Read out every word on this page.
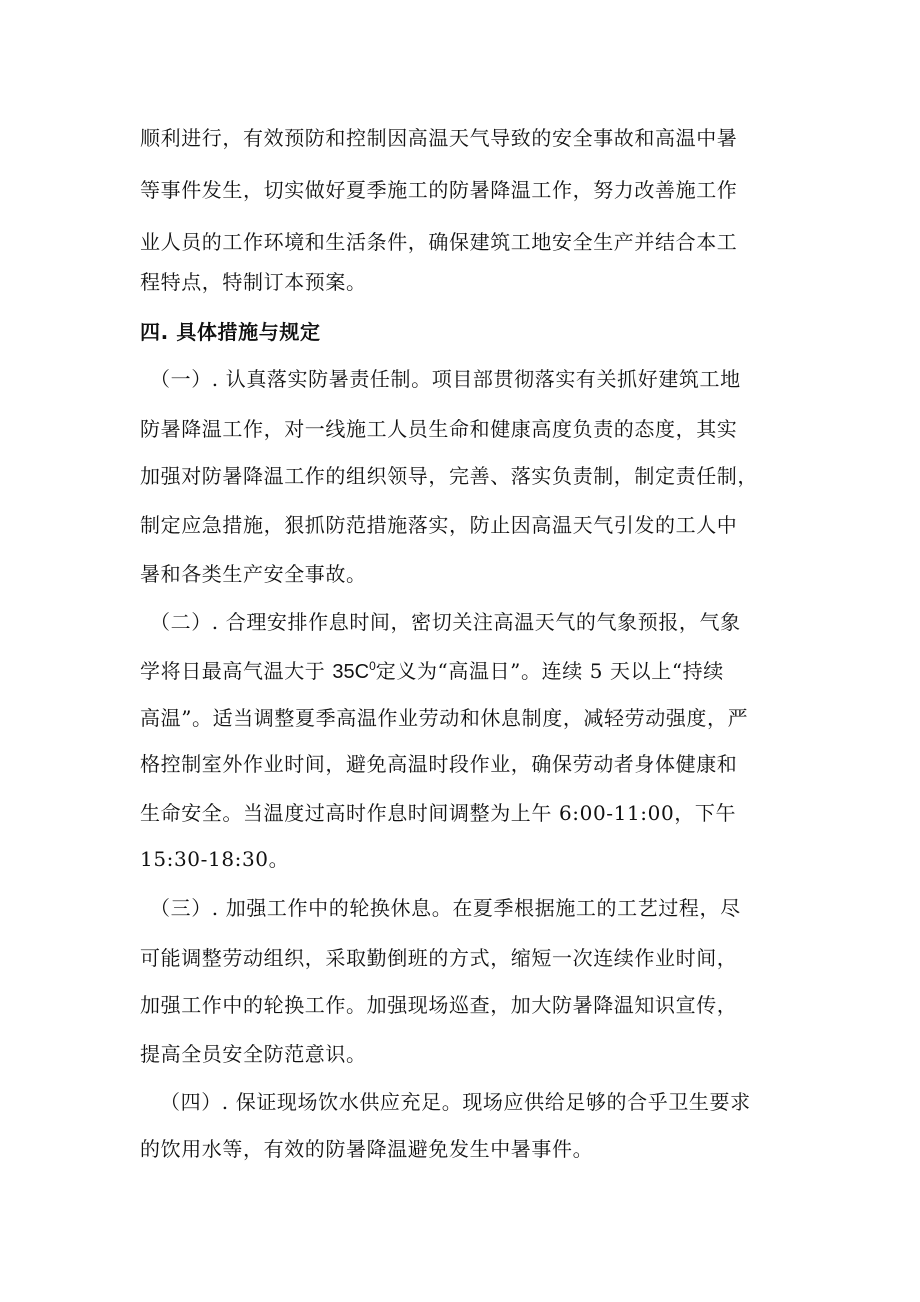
顺利进行，有效预防和控制因高温天气导致的安全事故和高温中暑
等事件发生，切实做好夏季施工的防暑降温工作，努力改善施工作
业人员的工作环境和生活条件，确保建筑工地安全生产并结合本工
程特点，特制订本预案。
四. 具体措施与规定
（一）. 认真落实防暑责任制。项目部贯彻落实有关抓好建筑工地
防暑降温工作，对一线施工人员生命和健康高度负责的态度，其实
加强对防暑降温工作的组织领导，完善、落实负责制，制定责任制，
制定应急措施，狠抓防范措施落实，防止因高温天气引发的工人中
暑和各类生产安全事故。
（二）. 合理安排作息时间，密切关注高温天气的气象预报，气象
学将日最高气温大于 $35C^0$定义为“高温日”。连续 5 天以上“持续
高温”。适当调整夏季高温作业劳动和休息制度，减轻劳动强度，严
格控制室外作业时间，避免高温时段作业，确保劳动者身体健康和
生命安全。当温度过高时作息时间调整为上午 6:00-11:00，下午
15:30-18:30。
（三）. 加强工作中的轮换休息。在夏季根据施工的工艺过程，尽
可能调整劳动组织，采取勤倒班的方式，缩短一次连续作业时间，
加强工作中的轮换工作。加强现场巡查，加大防暑降温知识宣传，
提高全员安全防范意识。
（四）. 保证现场饮水供应充足。现场应供给足够的合乎卫生要求
的饮用水等，有效的防暑降温避免发生中暑事件。
